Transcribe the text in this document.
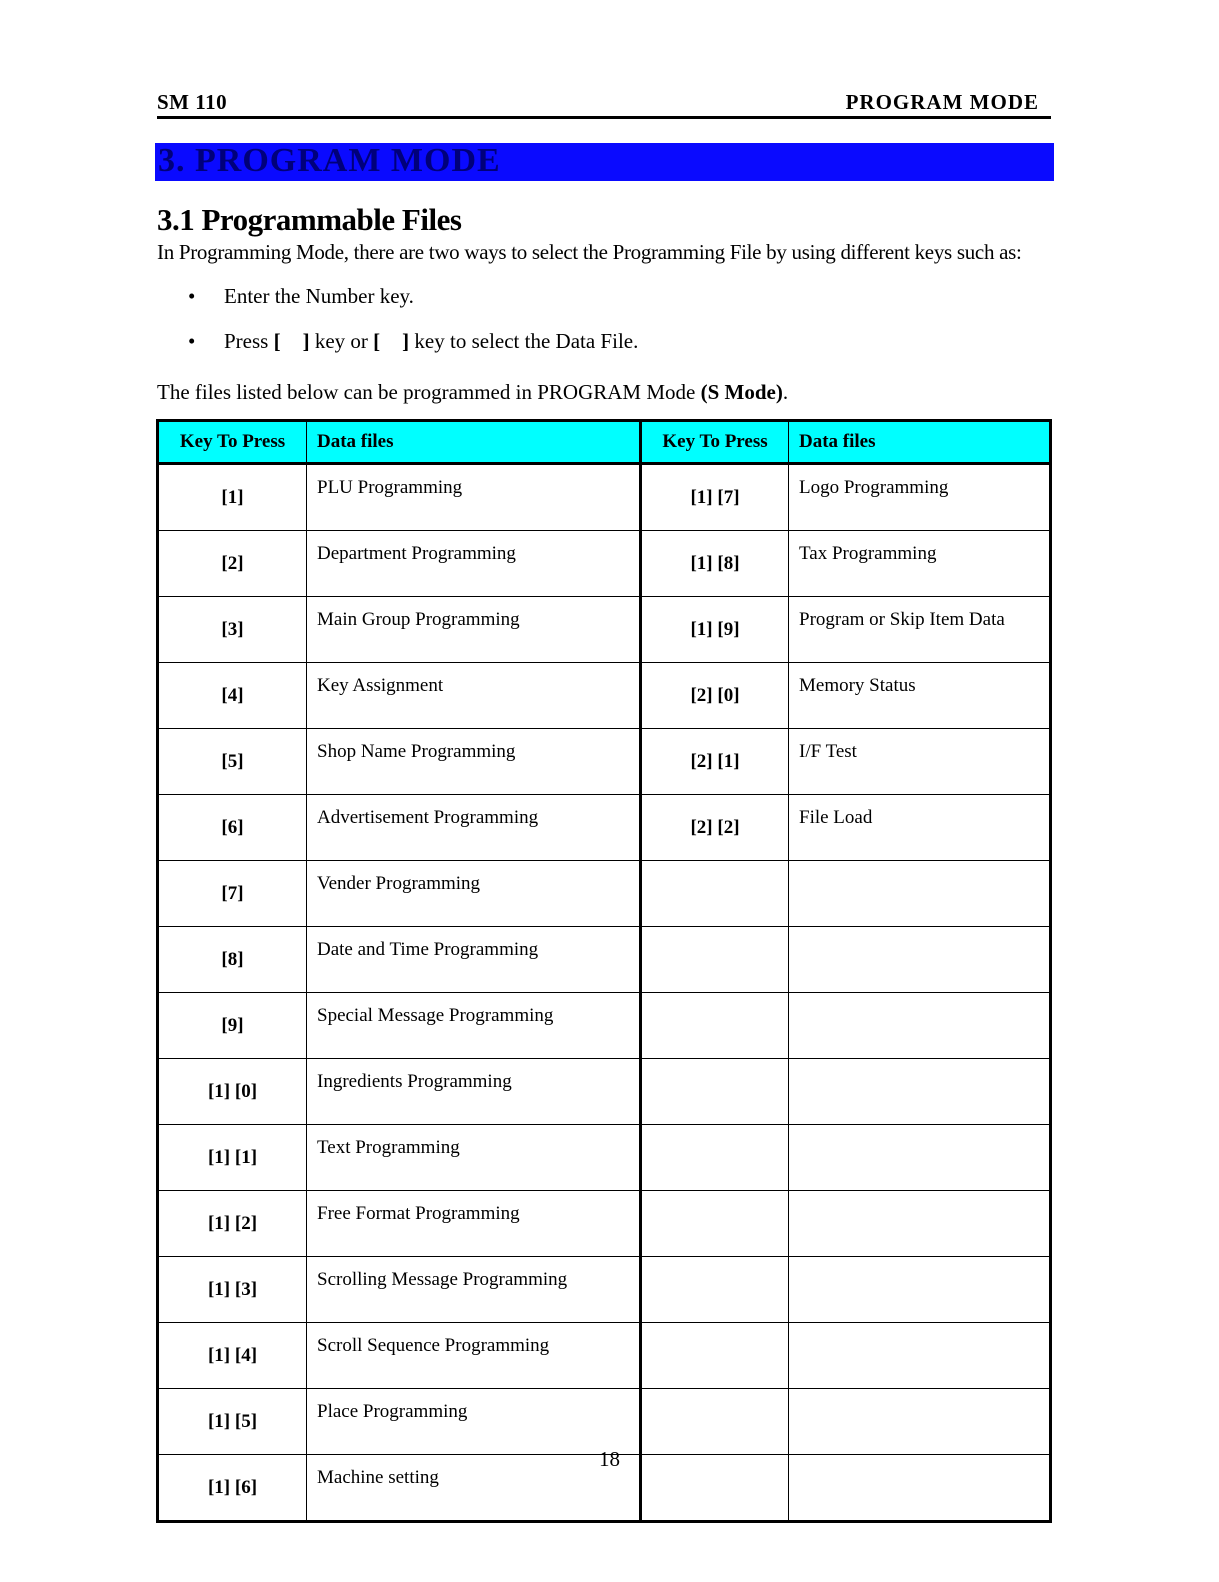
SM 110	PROGRAM MODE
3. PROGRAM MODE
3.1 Programmable Files
In Programming Mode, there are two ways to select the Programming File by using different keys such as:
• Enter the Number key.
• Press [ ] key or [ ] key to select the Data File.
The files listed below can be programmed in PROGRAM Mode (S Mode).
Key To Press	Data files	Key To Press	Data files
[1]	PLU Programming	[1] [7]	Logo Programming
[2]	Department Programming	[1] [8]	Tax Programming
[3]	Main Group Programming	[1] [9]	Program or Skip Item Data
[4]	Key Assignment	[2] [0]	Memory Status
[5]	Shop Name Programming	[2] [1]	I/F Test
[6]	Advertisement Programming	[2] [2]	File Load
[7]	Vender Programming		
[8]	Date and Time Programming		
[9]	Special Message Programming		
[1] [0]	Ingredients Programming		
[1] [1]	Text Programming		
[1] [2]	Free Format Programming		
[1] [3]	Scrolling Message Programming		
[1] [4]	Scroll Sequence Programming		
[1] [5]	Place Programming		
[1] [6]	Machine setting		
18
